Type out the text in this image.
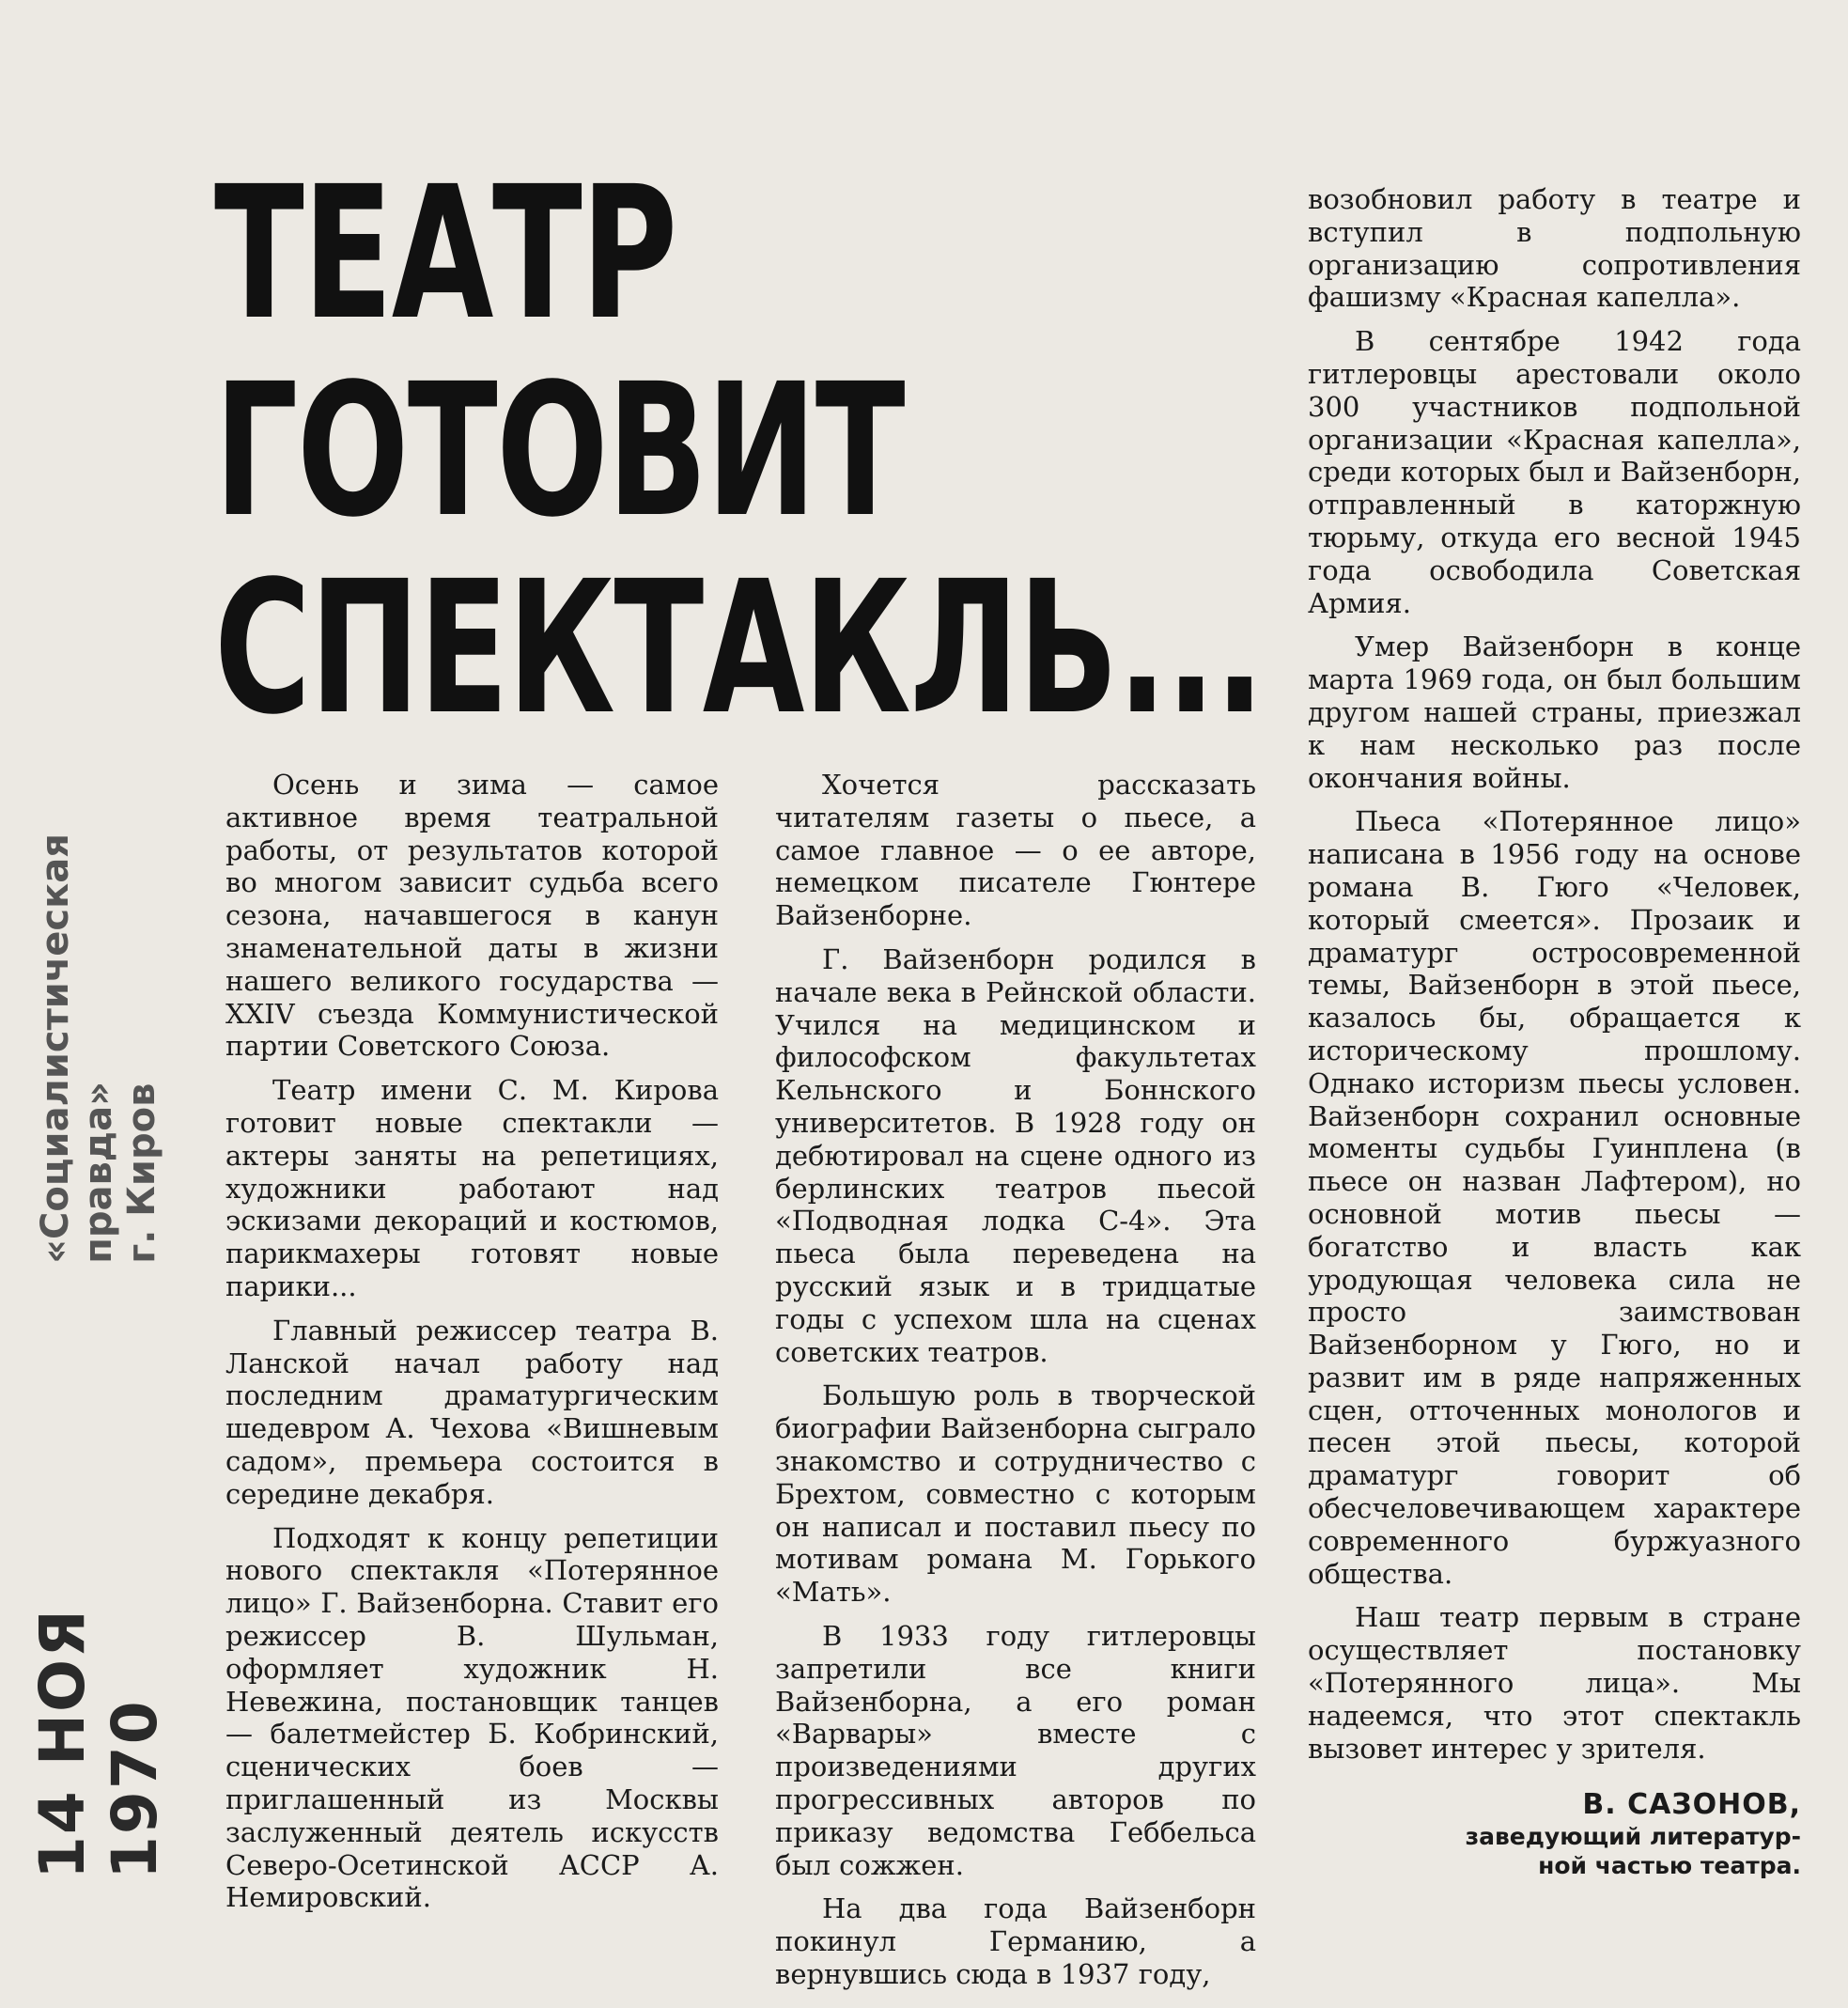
ТЕАТР
ГОТОВИТ
СПЕКТАКЛЬ...
14 НОЯ 1970
«Социалистическая правда»
г. Киров

Осень и зима — самое активное время театральной работы, от результатов которой во многом зависит судьба всего сезона, начавшегося в канун знаменательной даты в жизни нашего великого государства — XXIV съезда Коммунистической партии Советского Союза.

Театр имени С. М. Кирова готовит новые спектакли — актеры заняты на репетициях, художники работают над эскизами декораций и костюмов, парикмахеры готовят новые парики...

Главный режиссер театра В. Ланской начал работу над последним драматургическим шедевром А. Чехова «Вишневым садом», премьера состоится в середине декабря.

Подходят к концу репетиции нового спектакля «Потерянное лицо» Г. Вайзенборна. Ставит его режиссер В. Шульман, оформляет художник Н. Невежина, постановщик танцев — балетмейстер Б. Кобринский, сценических боев — приглашенный из Москвы заслуженный деятель искусств Северо-Осетинской АССР А. Немировский.

Хочется рассказать читателям газеты о пьесе, а самое главное — о ее авторе, немецком писателе Гюнтере Вайзенборне.

Г. Вайзенборн родился в начале века в Рейнской области. Учился на медицинском и философском факультетах Кельнского и Боннского университетов. В 1928 году он дебютировал на сцене одного из берлинских театров пьесой «Подводная лодка С-4». Эта пьеса была переведена на русский язык и в тридцатые годы с успехом шла на сценах советских театров.

Большую роль в творческой биографии Вайзенборна сыграло знакомство и сотрудничество с Брехтом, совместно с которым он написал и поставил пьесу по мотивам романа М. Горького «Мать».

В 1933 году гитлеровцы запретили все книги Вайзенборна, а его роман «Варвары» вместе с произведениями других прогрессивных авторов по приказу ведомства Геббельса был сожжен.

На два года Вайзенборн покинул Германию, а вернувшись сюда в 1937 году,

возобновил работу в театре и вступил в подпольную организацию сопротивления фашизму «Красная капелла».

В сентябре 1942 года гитлеровцы арестовали около 300 участников подпольной организации «Красная капелла», среди которых был и Вайзенборн, отправленный в каторжную тюрьму, откуда его весной 1945 года освободила Советская Армия.

Умер Вайзенборн в конце марта 1969 года, он был большим другом нашей страны, приезжал к нам несколько раз после окончания войны.

Пьеса «Потерянное лицо» написана в 1956 году на основе романа В. Гюго «Человек, который смеется». Прозаик и драматург остросовременной темы, Вайзенборн в этой пьесе, казалось бы, обращается к историческому прошлому. Однако историзм пьесы условен. Вайзенборн сохранил основные моменты судьбы Гуинплена (в пьесе он назван Лафтером), но основной мотив пьесы — богатство и власть как уродующая человека сила не просто заимствован Вайзенборном у Гюго, но и развит им в ряде напряженных сцен, отточенных монологов и песен этой пьесы, которой драматург говорит об обесчеловечивающем характере современного буржуазного общества.

Наш театр первым в стране осуществляет постановку «Потерянного лица». Мы надеемся, что этот спектакль вызовет интерес у зрителя.

В. САЗОНОВ,
заведующий литератур-
ной частью театра.
